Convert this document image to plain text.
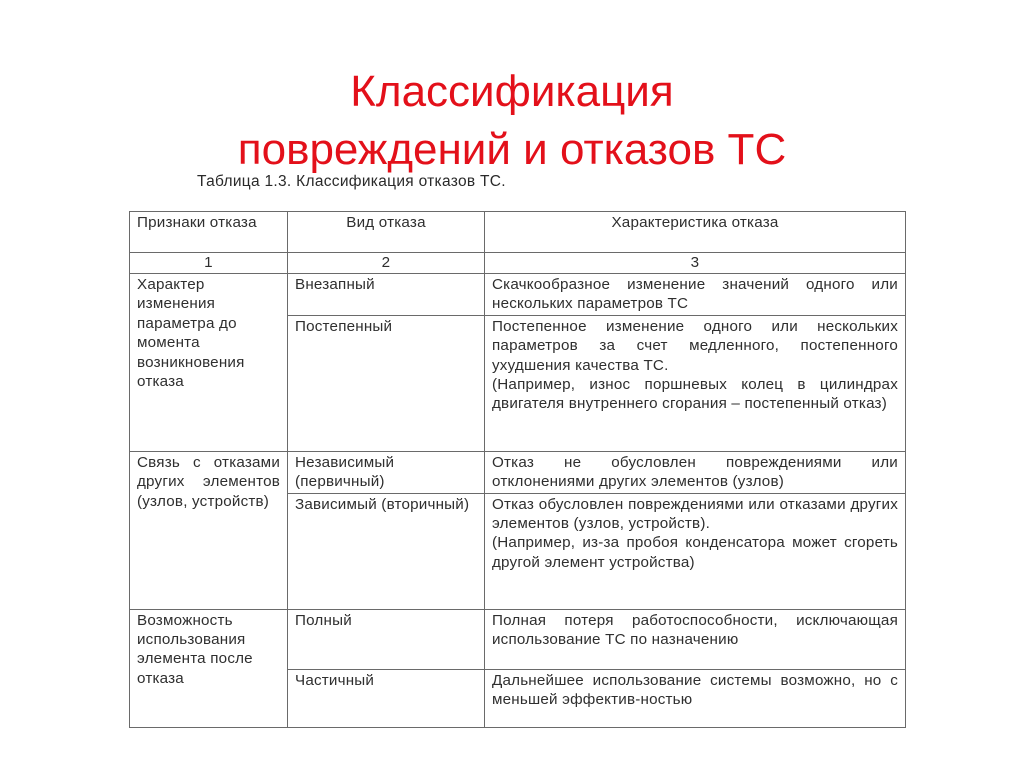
Классификация
повреждений и отказов ТС
Таблица 1.3. Классификация отказов ТС.
Признаки отказа	Вид отказа	Характеристика отказа
1	2	3
Характер изменения параметра до момента возникновения отказа	Внезапный	Скачкообразное изменение значений одного или нескольких параметров ТС
	Постепенный	Постепенное изменение одного или нескольких параметров за счет медленного, постепенного ухудшения качества ТС.
(Например, износ поршневых колец в цилиндрах двигателя внутреннего сгорания – постепенный отказ)

Связь с отказами других элементов (узлов, устройств)	Независимый (первичный)	Отказ не обусловлен повреждениями или отклонениями других элементов (узлов)
	Зависимый (вторичный)	Отказ обусловлен повреждениями или отказами других элементов (узлов, устройств).
(Например, из-за пробоя конденсатора может сгореть другой элемент устройства)

Возможность использования элемента после отказа	Полный	Полная потеря работоспособности, исключающая использование ТС по назначению
	Частичный	Дальнейшее использование системы возможно, но с меньшей эффектив-ностью
